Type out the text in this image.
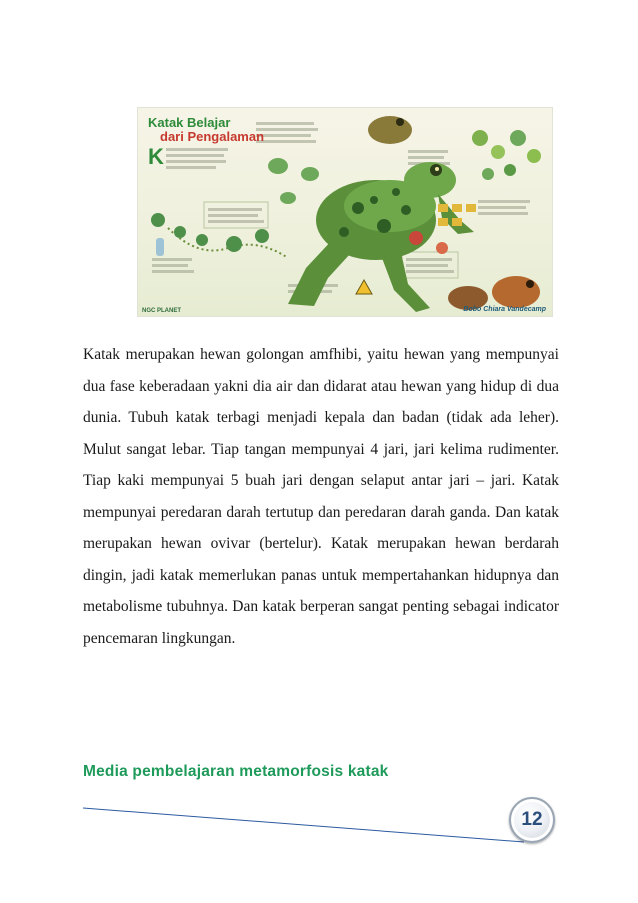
Katak Belajar
dari Pengalaman
K
NGC PLANET	Bobo Chiara Vandecamp

Katak merupakan hewan golongan amfhibi, yaitu hewan yang mempunyai dua fase keberadaan yakni dia air dan didarat atau hewan yang hidup di dua dunia. Tubuh katak terbagi menjadi kepala dan badan (tidak ada leher). Mulut sangat lebar. Tiap tangan mempunyai 4 jari, jari kelima rudimenter. Tiap kaki mempunyai 5 buah jari dengan selaput antar jari – jari. Katak mempunyai peredaran darah tertutup dan peredaran darah ganda. Dan katak merupakan hewan ovivar (bertelur). Katak merupakan hewan berdarah dingin, jadi katak memerlukan panas untuk mempertahankan hidupnya dan metabolisme tubuhnya. Dan katak berperan sangat penting sebagai indicator pencemaran lingkungan.

Media pembelajaran metamorfosis katak
12
